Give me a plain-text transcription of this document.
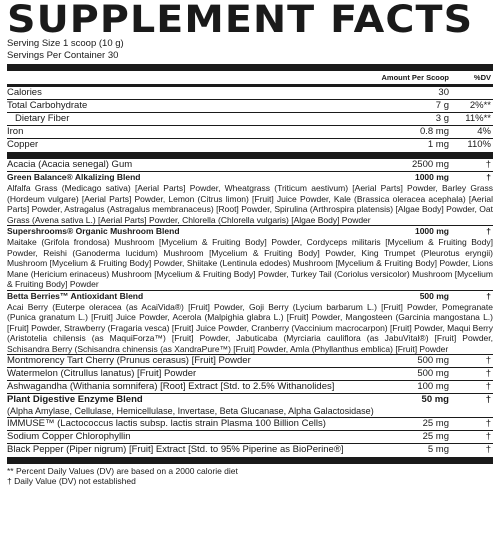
SUPPLEMENT FACTS
Serving Size 1 scoop (10 g)
Servings Per Container 30
Amount Per Scoop	%DV
Calories	30
Total Carbohydrate	7 g	2%**
Dietary Fiber	3 g	11%**
Iron	0.8 mg	4%
Copper	1 mg	110%
Acacia (Acacia senegal) Gum	2500 mg	†
Green Balance® Alkalizing Blend	1000 mg	†
Alfalfa Grass (Medicago sativa) [Aerial Parts] Powder, Wheatgrass (Triticum aestivum) [Aerial Parts] Powder, Barley Grass (Hordeum vulgare) [Aerial Parts] Powder, Lemon (Citrus limon) [Fruit] Juice Powder, Kale (Brassica oleracea acephala) [Aerial Parts] Powder, Astragalus (Astragalus membranaceus) [Root] Powder, Spirulina (Arthrospira platensis) [Algae Body] Powder, Oat Grass (Avena sativa L.) [Aerial Parts] Powder, Chlorella (Chlorella vulgaris) [Algae Body] Powder
Supershrooms® Organic Mushroom Blend	1000 mg	†
Maitake (Grifola frondosa) Mushroom [Mycelium & Fruiting Body] Powder, Cordyceps militaris [Mycelium & Fruiting Body] Powder, Reishi (Ganoderma lucidum) Mushroom [Mycelium & Fruiting Body] Powder, King Trumpet (Pleurotus eryngii) Mushroom [Mycelium & Fruiting Body] Powder, Shiitake (Lentinula edodes) Mushroom [Mycelium & Fruiting Body] Powder, Lions Mane (Hericium erinaceus) Mushroom [Mycelium & Fruiting Body] Powder, Turkey Tail (Coriolus versicolor) Mushroom [Mycelium & Fruiting Body] Powder
Betta Berries™ Antioxidant Blend	500 mg	†
Acai Berry (Euterpe oleracea (as AcaiVida®) [Fruit] Powder, Goji Berry (Lycium barbarum L.) [Fruit] Powder, Pomegranate (Punica granatum L.) [Fruit] Juice Powder, Acerola (Malpighia glabra L.) [Fruit] Powder, Mangosteen (Garcinia mangostana L.) [Fruit] Powder, Strawberry (Fragaria vesca) [Fruit] Juice Powder, Cranberry (Vaccinium macrocarpon) [Fruit] Powder, Maqui Berry (Aristotelia chilensis (as MaquiForza™) [Fruit] Powder, Jabuticaba (Myrciaria cauliflora (as JabuVital®) [Fruit] Powder, Schisandra Berry (Schisandra chinensis (as XandraPure™) [Fruit] Powder, Amla (Phyllanthus emblica) [Fruit] Powder
Montmorency Tart Cherry (Prunus cerasus) [Fruit] Powder	500 mg	†
Watermelon (Citrullus lanatus) [Fruit] Powder	500 mg	†
Ashwagandha (Withania somnifera) [Root] Extract [Std. to 2.5% Withanolides]	100 mg	†
Plant Digestive Enzyme Blend	50 mg	†
(Alpha Amylase, Cellulase, Hemicellulase, Invertase, Beta Glucanase, Alpha Galactosidase)
IMMUSE™ (Lactococcus lactis subsp. lactis strain Plasma 100 Billion Cells)	25 mg	†
Sodium Copper Chlorophyllin	25 mg	†
Black Pepper (Piper nigrum) [Fruit] Extract [Std. to 95% Piperine as BioPerine®]	5 mg	†
** Percent Daily Values (DV) are based on a 2000 calorie diet
† Daily Value (DV) not established
